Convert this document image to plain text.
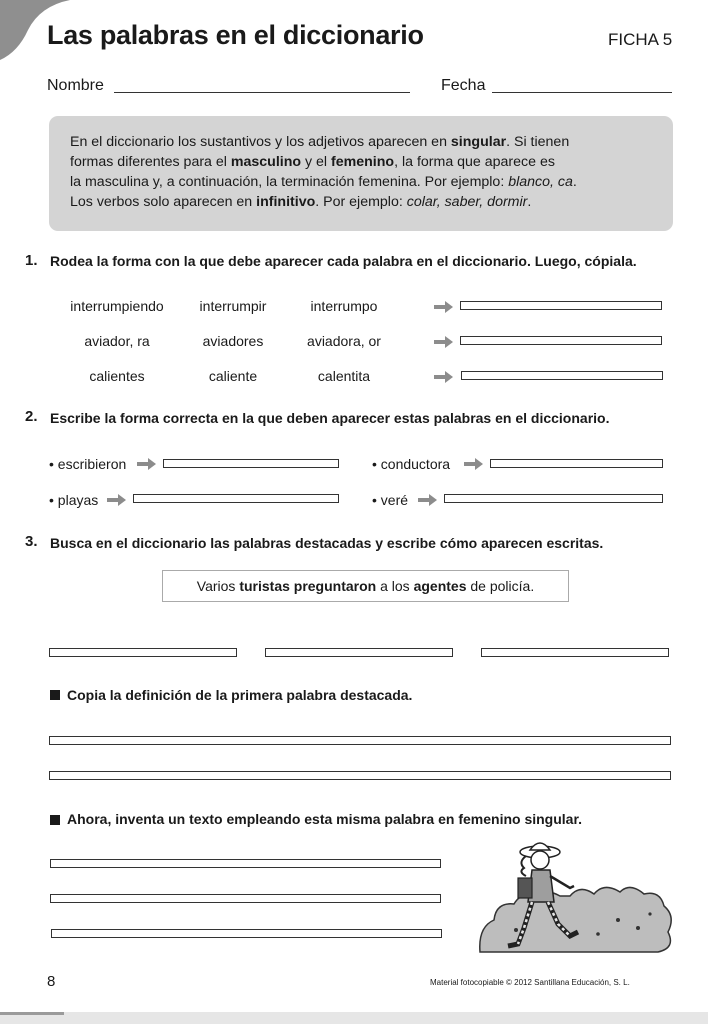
Las palabras en el diccionario	FICHA 5
Nombre	Fecha

En el diccionario los sustantivos y los adjetivos aparecen en singular. Si tienen

formas diferentes para el masculino y el femenino, la forma que aparece es

la masculina y, a continuación, la terminación femenina. Por ejemplo: blanco, ca.

Los verbos solo aparecen en infinitivo. Por ejemplo: colar, saber, dormir.

1. Rodea la forma con la que debe aparecer cada palabra en el diccionario. Luego, cópiala.
interrumpiendo	interrumpir	interrumpo
aviador, ra	aviadores	aviadora, or
calientes	caliente	calentita
2. Escribe la forma correcta en la que deben aparecer estas palabras en el diccionario.
• escribieron	• conductora
• playas	• veré
3. Busca en el diccionario las palabras destacadas y escribe cómo aparecen escritas.
Varios turistas preguntaron a los agentes de policía.
Copia la definición de la primera palabra destacada.
Ahora, inventa un texto empleando esta misma palabra en femenino singular.
8	Material fotocopiable © 2012 Santillana Educación, S. L.
